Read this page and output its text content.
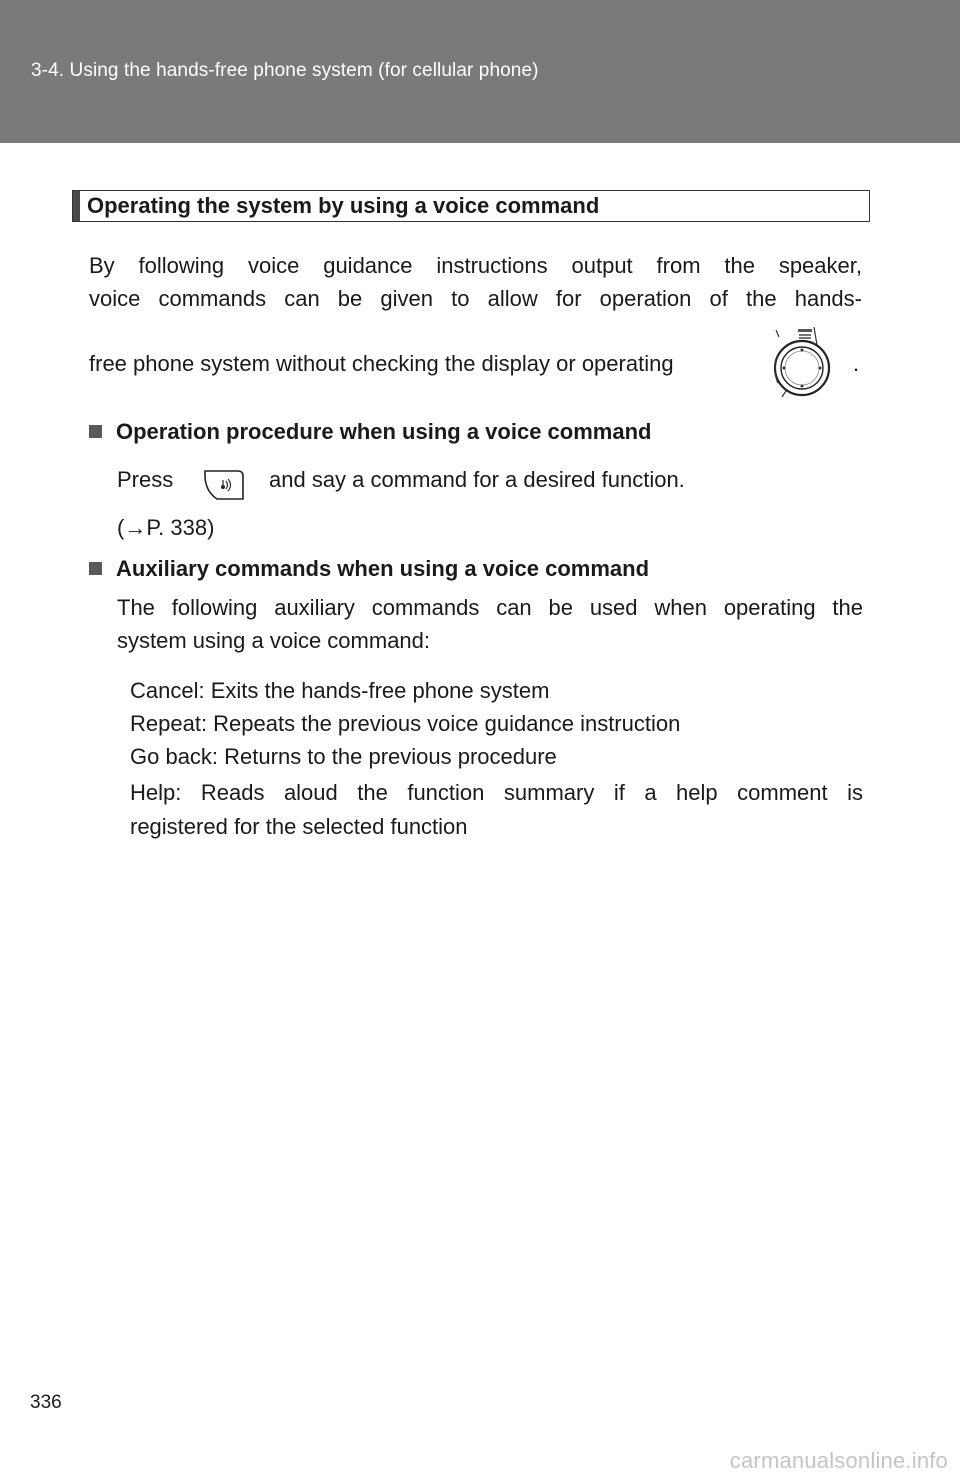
3-4. Using the hands-free phone system (for cellular phone)
Operating the system by using a voice command
By following voice guidance instructions output from the speaker,
voice commands can be given to allow for operation of the hands-
free phone system without checking the display or operating	.
Operation procedure when using a voice command
Press	and say a command for a desired function.
(→P. 338)
Auxiliary commands when using a voice command
The following auxiliary commands can be used when operating the
system using a voice command:
Cancel: Exits the hands-free phone system
Repeat: Repeats the previous voice guidance instruction
Go back: Returns to the previous procedure
Help: Reads aloud the function summary if a help comment is
registered for the selected function
336
carmanualsonline.info
